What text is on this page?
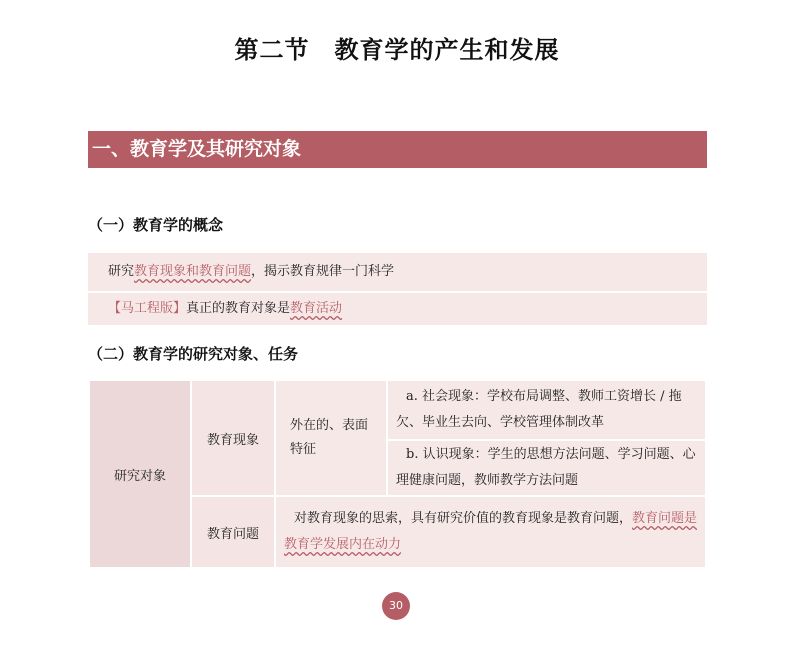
第二节　教育学的产生和发展
一、教育学及其研究对象
（一）教育学的概念
研究教育现象和教育问题，揭示教育规律一门科学
【马工程版】真正的教育对象是教育活动
（二）教育学的研究对象、任务
研究对象	教育现象	外在的、表面特征	a. 社会现象：学校布局调整、教师工资增长 / 拖欠、毕业生去向、学校管理体制改革
			b. 认识现象：学生的思想方法问题、学习问题、心理健康问题，教师教学方法问题
	教育问题	对教育现象的思索，具有研究价值的教育现象是教育问题，教育问题是教育学发展内在动力	
30
